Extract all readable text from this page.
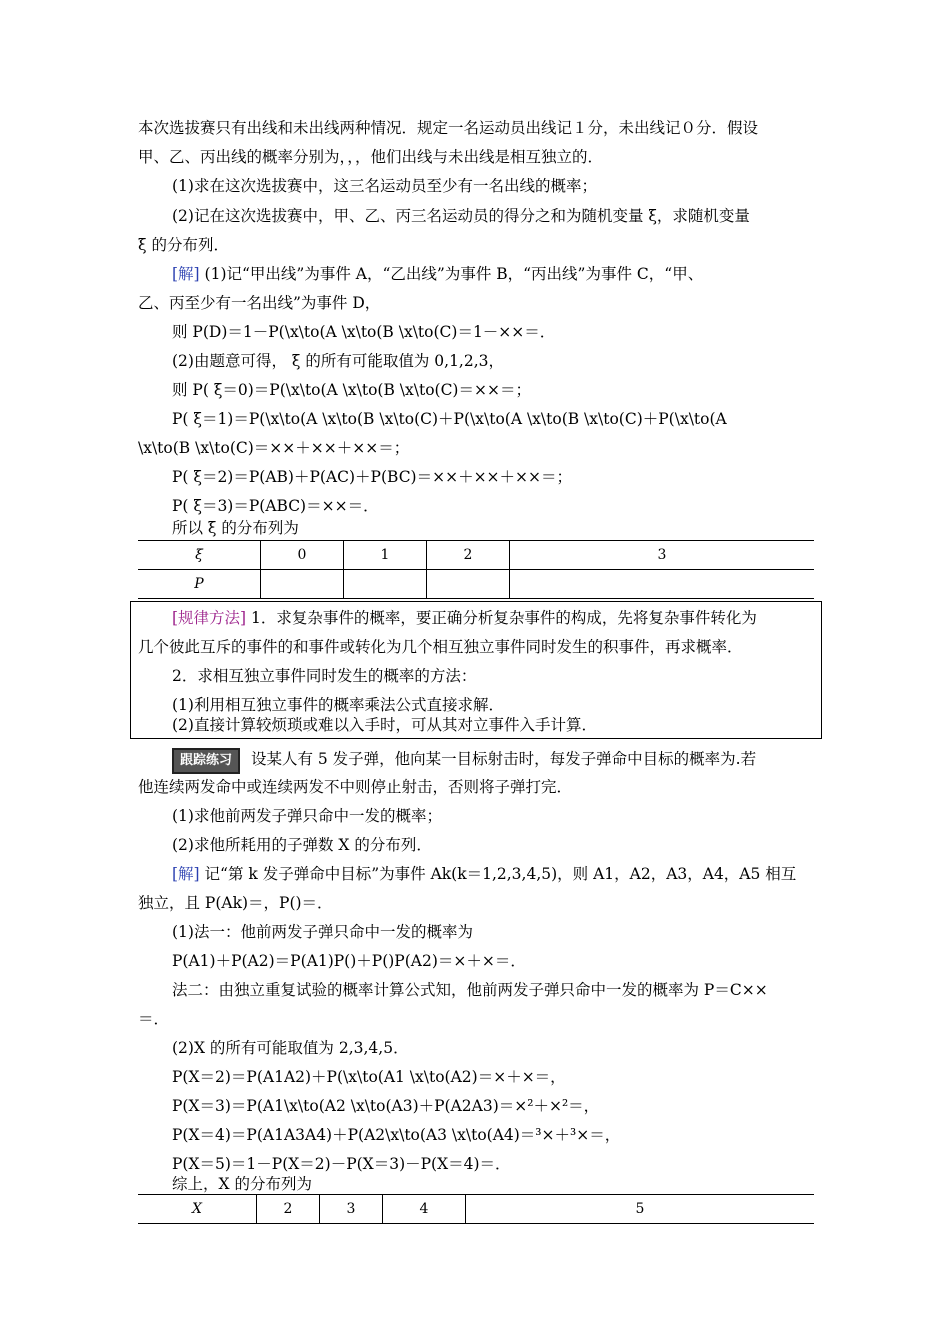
本次选拔赛只有出线和未出线两种情况．规定一名运动员出线记１分，未出线记０分．假设
甲、乙、丙出线的概率分别为，，，他们出线与未出线是相互独立的．
(1)求在这次选拔赛中，这三名运动员至少有一名出线的概率；
(2)记在这次选拔赛中，甲、乙、丙三名运动员的得分之和为随机变量 ξ，求随机变量
ξ 的分布列．
[解] (1)记“甲出线”为事件 A，“乙出线”为事件 B，“丙出线”为事件 C，“甲、
乙、丙至少有一名出线”为事件 D，
则 P(D)＝1－P(\x\to(A \x\to(B \x\to(C)＝1－××＝．
(2)由题意可得， ξ 的所有可能取值为 0,1,2,3，
则 P( ξ＝0)＝P(\x\to(A \x\to(B \x\to(C)＝××＝；
P( ξ＝1)＝P(\x\to(A \x\to(B \x\to(C)＋P(\x\to(A \x\to(B \x\to(C)＋P(\x\to(A
\x\to(B \x\to(C)＝××＋××＋××＝；
P( ξ＝2)＝P(AB)＋P(AC)＋P(BC)＝××＋××＋××＝；
P( ξ＝3)＝P(ABC)＝××＝．
所以 ξ 的分布列为
ξ	0	1	2	3
P				
[规律方法] 1．求复杂事件的概率，要正确分析复杂事件的构成，先将复杂事件转化为
几个彼此互斥的事件的和事件或转化为几个相互独立事件同时发生的积事件，再求概率．
2．求相互独立事件同时发生的概率的方法：
(1)利用相互独立事件的概率乘法公式直接求解．
(2)直接计算较烦琐或难以入手时，可从其对立事件入手计算．
跟踪练习 设某人有 5 发子弹，他向某一目标射击时，每发子弹命中目标的概率为.若
他连续两发命中或连续两发不中则停止射击，否则将子弹打完．
(1)求他前两发子弹只命中一发的概率；
(2)求他所耗用的子弹数 X 的分布列．
[解] 记“第 k 发子弹命中目标”为事件 Ak(k＝1,2,3,4,5)，则 A1，A2，A3，A4，A5 相互
独立，且 P(Ak)＝，P()＝．
(1)法一：他前两发子弹只命中一发的概率为
P(A1)＋P(A2)＝P(A1)P()＋P()P(A2)＝×＋×＝．
法二：由独立重复试验的概率计算公式知，他前两发子弹只命中一发的概率为 P＝C××
＝．
(2)X 的所有可能取值为 2,3,4,5．
P(X＝2)＝P(A1A2)＋P(\x\to(A1 \x\to(A2)＝×＋×＝，
P(X＝3)＝P(A1\x\to(A2 \x\to(A3)＋P(A2A3)＝×²＋×²＝，
P(X＝4)＝P(A1A3A4)＋P(A2\x\to(A3 \x\to(A4)＝³×＋³×＝，
P(X＝5)＝1－P(X＝2)－P(X＝3)－P(X＝4)＝．
综上，X 的分布列为
X	2	3	4	5
